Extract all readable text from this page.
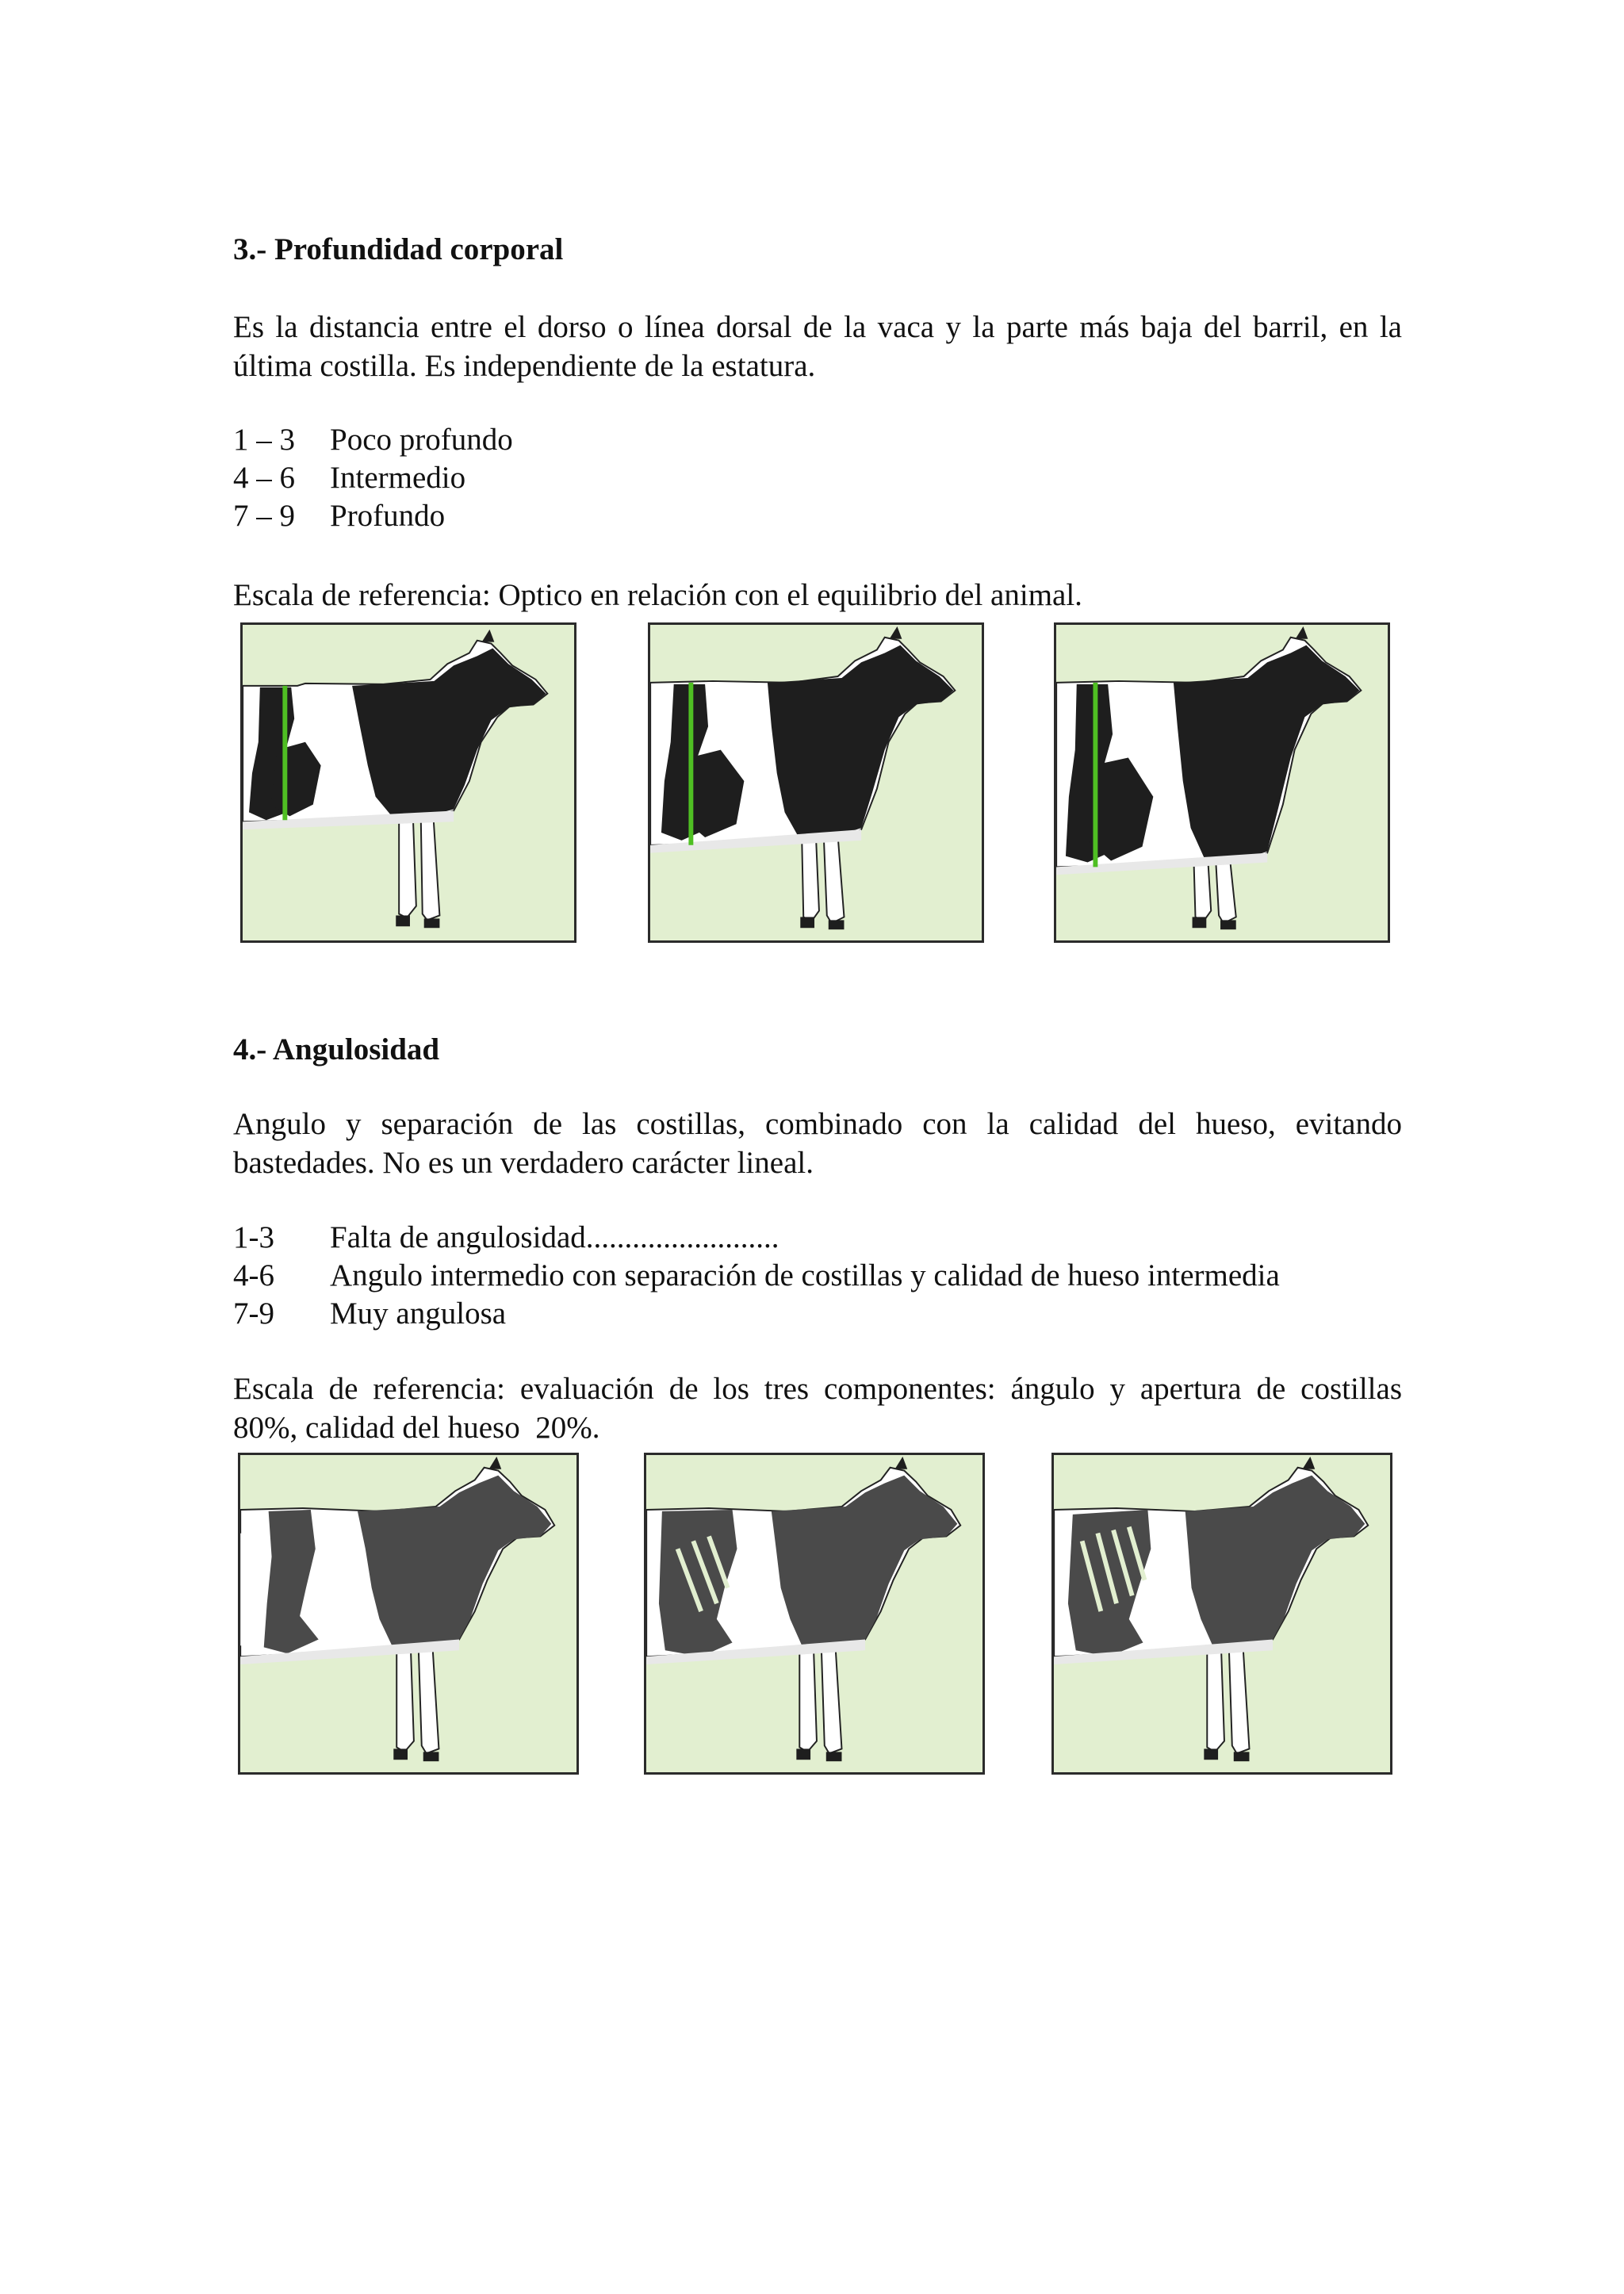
3.- Profundidad corporal
Es la distancia entre el dorso o línea dorsal de la vaca y la parte más baja del barril, en la
última costilla. Es independiente de la estatura.
1 – 3	Poco profundo
4 – 6	Intermedio
7 – 9	Profundo
Escala de referencia: Optico en relación con el equilibrio del animal.
4.- Angulosidad
Angulo y separación de las costillas, combinado con la calidad del hueso, evitando
bastedades. No es un verdadero carácter lineal.
1-3	Falta de angulosidad.........................
4-6	Angulo intermedio con separación de costillas y calidad de hueso intermedia
7-9	Muy angulosa
Escala de referencia: evaluación de los tres componentes: ángulo y apertura de costillas
80%, calidad del hueso  20%.
